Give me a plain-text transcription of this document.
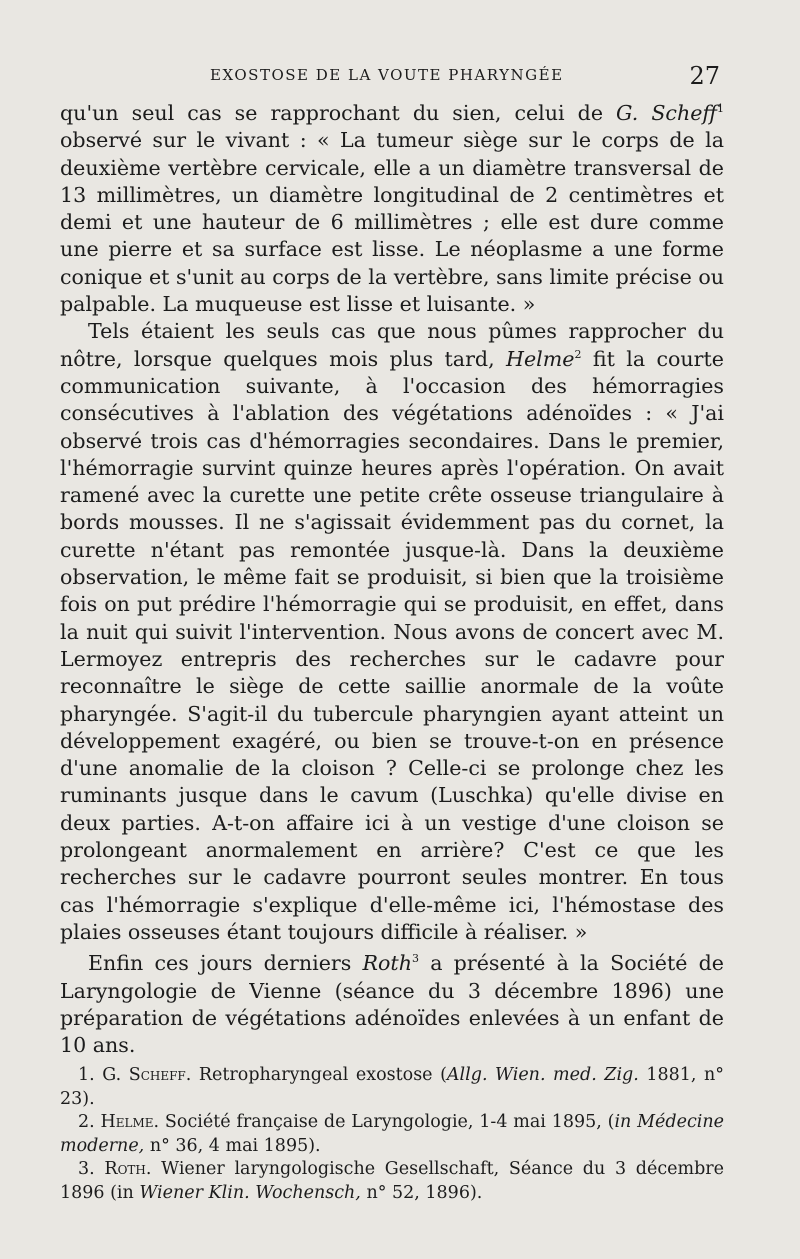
EXOSTOSE DE LA VOUTE PHARYNGÉE	27

qu'un seul cas se rapprochant du sien, celui de G. Scheff$^1$ observé sur le vivant : « La tumeur siège sur le corps de la deuxième vertèbre cervicale, elle a un diamètre transversal de 13 millimètres, un diamètre longitudinal de 2 centimètres et demi et une hauteur de 6 millimètres ; elle est dure comme une pierre et sa surface est lisse. Le néoplasme a une forme conique et s'unit au corps de la vertèbre, sans limite précise ou palpable. La muqueuse est lisse et luisante. »

Tels étaient les seuls cas que nous pûmes rapprocher du nôtre, lorsque quelques mois plus tard, Helme$^2$ fit la courte communication suivante, à l'occasion des hémorragies consécutives à l'ablation des végétations adénoïdes : « J'ai observé trois cas d'hémorragies secondaires. Dans le premier, l'hémorragie survint quinze heures après l'opération. On avait ramené avec la curette une petite crête osseuse triangulaire à bords mousses. Il ne s'agissait évidemment pas du cornet, la curette n'étant pas remontée jusque-là. Dans la deuxième observation, le même fait se produisit, si bien que la troisième fois on put prédire l'hémorragie qui se produisit, en effet, dans la nuit qui suivit l'intervention. Nous avons de concert avec M. Lermoyez entrepris des recherches sur le cadavre pour reconnaître le siège de cette saillie anormale de la voûte pharyngée. S'agit-il du tubercule pharyngien ayant atteint un développement exagéré, ou bien se trouve-t-on en présence d'une anomalie de la cloison ? Celle-ci se prolonge chez les ruminants jusque dans le cavum (Luschka) qu'elle divise en deux parties. A-t-on affaire ici à un vestige d'une cloison se prolongeant anormalement en arrière? C'est ce que les recherches sur le cadavre pourront seules montrer. En tous cas l'hémorragie s'explique d'elle-même ici, l'hémostase des plaies osseuses étant toujours difficile à réaliser. »

Enfin ces jours derniers Roth$^3$ a présenté à la Société de Laryngologie de Vienne (séance du 3 décembre 1896) une préparation de végétations adénoïdes enlevées à un enfant de 10 ans.

1. G. Scheff. Retropharyngeal exostose (Allg. Wien. med. Zig. 1881, n° 23).

2. Helme. Société française de Laryngologie, 1-4 mai 1895, (in Médecine moderne, n° 36, 4 mai 1895).

3. Roth. Wiener laryngologische Gesellschaft, Séance du 3 décembre 1896 (in Wiener Klin. Wochensch, n° 52, 1896).
